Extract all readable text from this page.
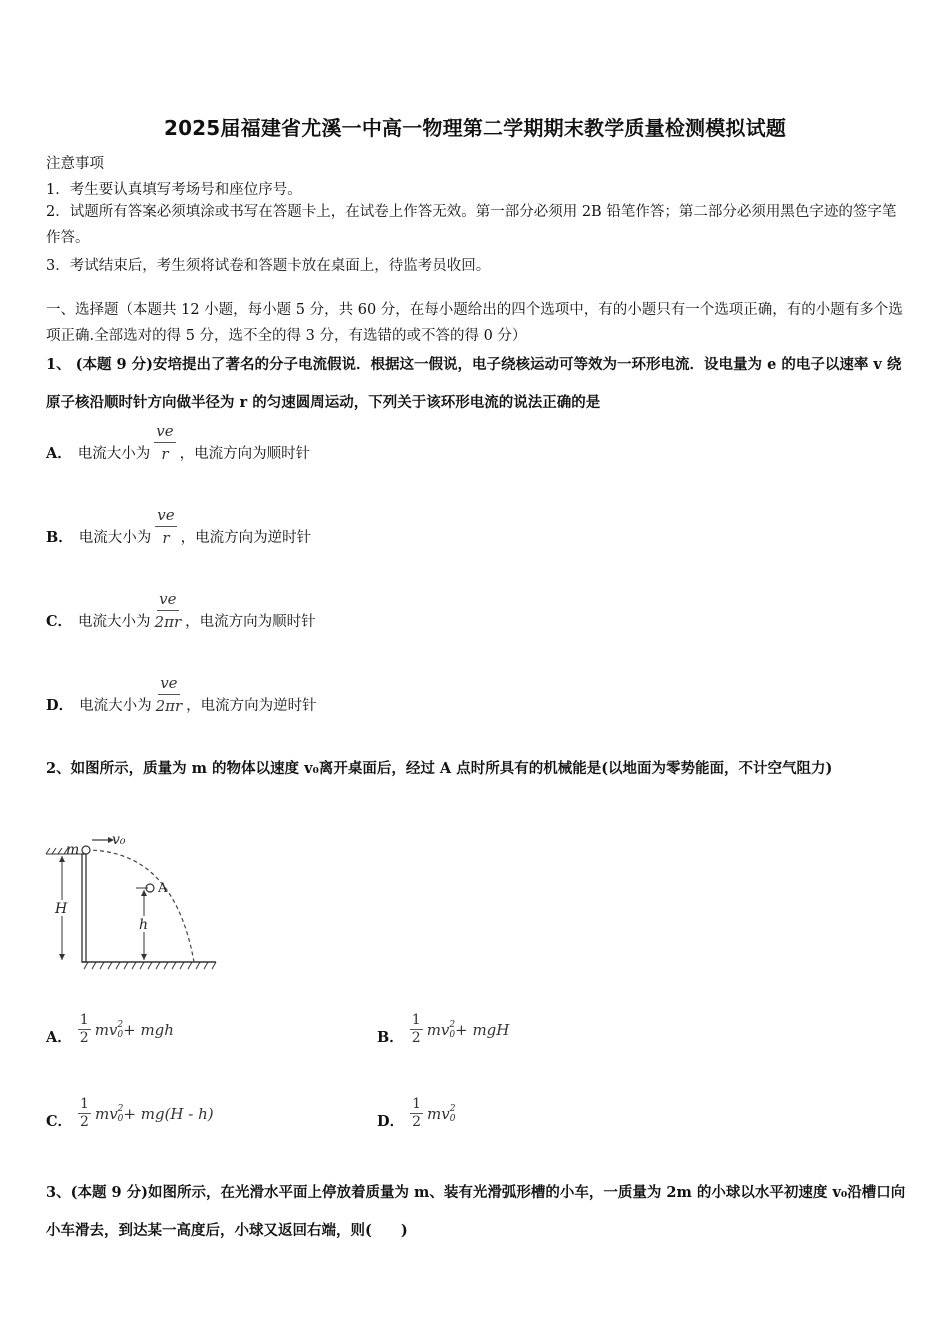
2025届福建省尤溪一中高一物理第二学期期末教学质量检测模拟试题
注意事项
1．考生要认真填写考场号和座位序号。
2．试题所有答案必须填涂或书写在答题卡上，在试卷上作答无效。第一部分必须用 2B 铅笔作答；第二部分必须用黑色字迹的签字笔作答。
3．考试结束后，考生须将试卷和答题卡放在桌面上，待监考员收回。
一、选择题（本题共 12 小题，每小题 5 分，共 60 分，在每小题给出的四个选项中，有的小题只有一个选项正确，有的小题有多个选项正确.全部选对的得 5 分，选不全的得 3 分，有选错的或不答的得 0 分）
1、 (本题 9 分)安培提出了著名的分子电流假说．根据这一假说，电子绕核运动可等效为一环形电流．设电量为 e 的电子以速率 v 绕原子核沿顺时针方向做半径为 r 的匀速圆周运动，下列关于该环形电流的说法正确的是
A． 电流大小为 $\frac{ve}{r}$ ，电流方向为顺时针
B． 电流大小为 $\frac{ve}{r}$ ，电流方向为逆时针
C． 电流大小为 $\frac{ve}{2\pi r}$ ，电流方向为顺时针
D． 电流大小为 $\frac{ve}{2\pi r}$ ，电流方向为逆时针
2、如图所示，质量为 m 的物体以速度 v₀离开桌面后，经过 A 点时所具有的机械能是(以地面为零势能面，不计空气阻力)
m
v₀
A
H
h
A． $\frac{1}{2}$ mv 2
0 + mgh	B． $\frac{1}{2}$ mv 2
0 + mgH
C． $\frac{1}{2}$ mv 2
0 + mg(H - h)	D． $\frac{1}{2}$ mv 2
0
3、(本题 9 分)如图所示，在光滑水平面上停放着质量为 m、装有光滑弧形槽的小车，一质量为 2m 的小球以水平初速度 v₀沿槽口向小车滑去，到达某一高度后，小球又返回右端，则(　　)
